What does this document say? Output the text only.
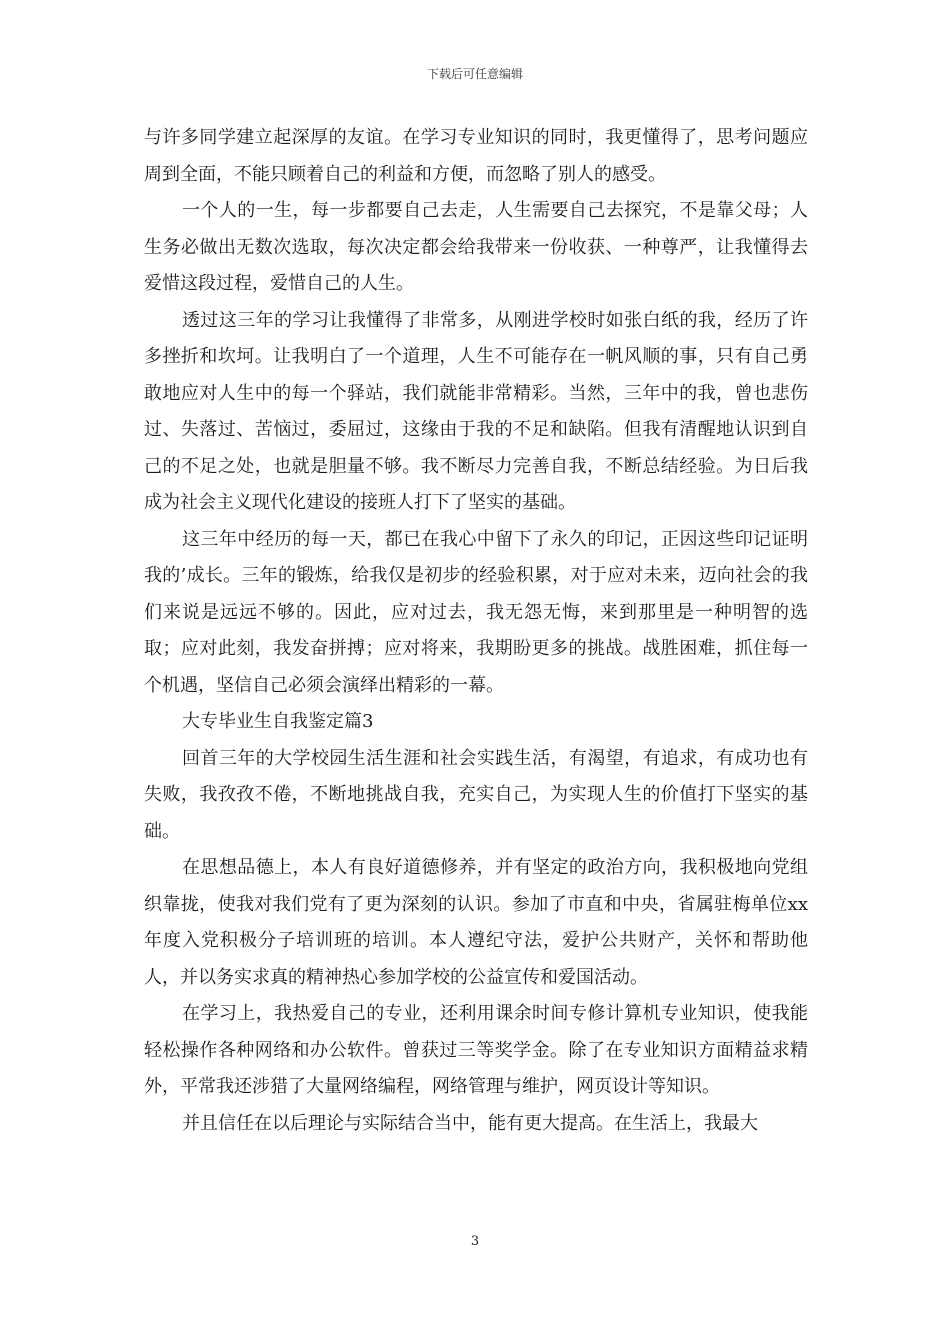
下载后可任意编辑

与许多同学建立起深厚的友谊。在学习专业知识的同时，我更懂得了，思考问题应周到全面，不能只顾着自己的利益和方便，而忽略了别人的感受。

一个人的一生，每一步都要自己去走，人生需要自己去探究，不是靠父母；人生务必做出无数次选取，每次决定都会给我带来一份收获、一种尊严，让我懂得去爱惜这段过程，爱惜自己的人生。

透过这三年的学习让我懂得了非常多，从刚进学校时如张白纸的我，经历了许多挫折和坎坷。让我明白了一个道理，人生不可能存在一帆风顺的事，只有自己勇敢地应对人生中的每一个驿站，我们就能非常精彩。当然，三年中的我，曾也悲伤过、失落过、苦恼过，委屈过，这缘由于我的不足和缺陷。但我有清醒地认识到自己的不足之处，也就是胆量不够。我不断尽力完善自我，不断总结经验。为日后我成为社会主义现代化建设的接班人打下了坚实的基础。

这三年中经历的每一天，都已在我心中留下了永久的印记，正因这些印记证明我的’成长。三年的锻炼，给我仅是初步的经验积累，对于应对未来，迈向社会的我们来说是远远不够的。因此，应对过去，我无怨无悔，来到那里是一种明智的选取；应对此刻，我发奋拼搏；应对将来，我期盼更多的挑战。战胜困难，抓住每一个机遇，坚信自己必须会演绎出精彩的一幕。

大专毕业生自我鉴定篇3

回首三年的大学校园生活生涯和社会实践生活，有渴望，有追求，有成功也有失败，我孜孜不倦，不断地挑战自我，充实自己，为实现人生的价值打下坚实的基础。

在思想品德上，本人有良好道德修养，并有坚定的政治方向，我积极地向党组织靠拢，使我对我们党有了更为深刻的认识。参加了市直和中央，省属驻梅单位xx年度入党积极分子培训班的培训。本人遵纪守法，爱护公共财产，关怀和帮助他人，并以务实求真的精神热心参加学校的公益宣传和爱国活动。

在学习上，我热爱自己的专业，还利用课余时间专修计算机专业知识，使我能轻松操作各种网络和办公软件。曾获过三等奖学金。除了在专业知识方面精益求精外，平常我还涉猎了大量网络编程，网络管理与维护，网页设计等知识。

并且信任在以后理论与实际结合当中，能有更大提高。在生活上，我最大

3
